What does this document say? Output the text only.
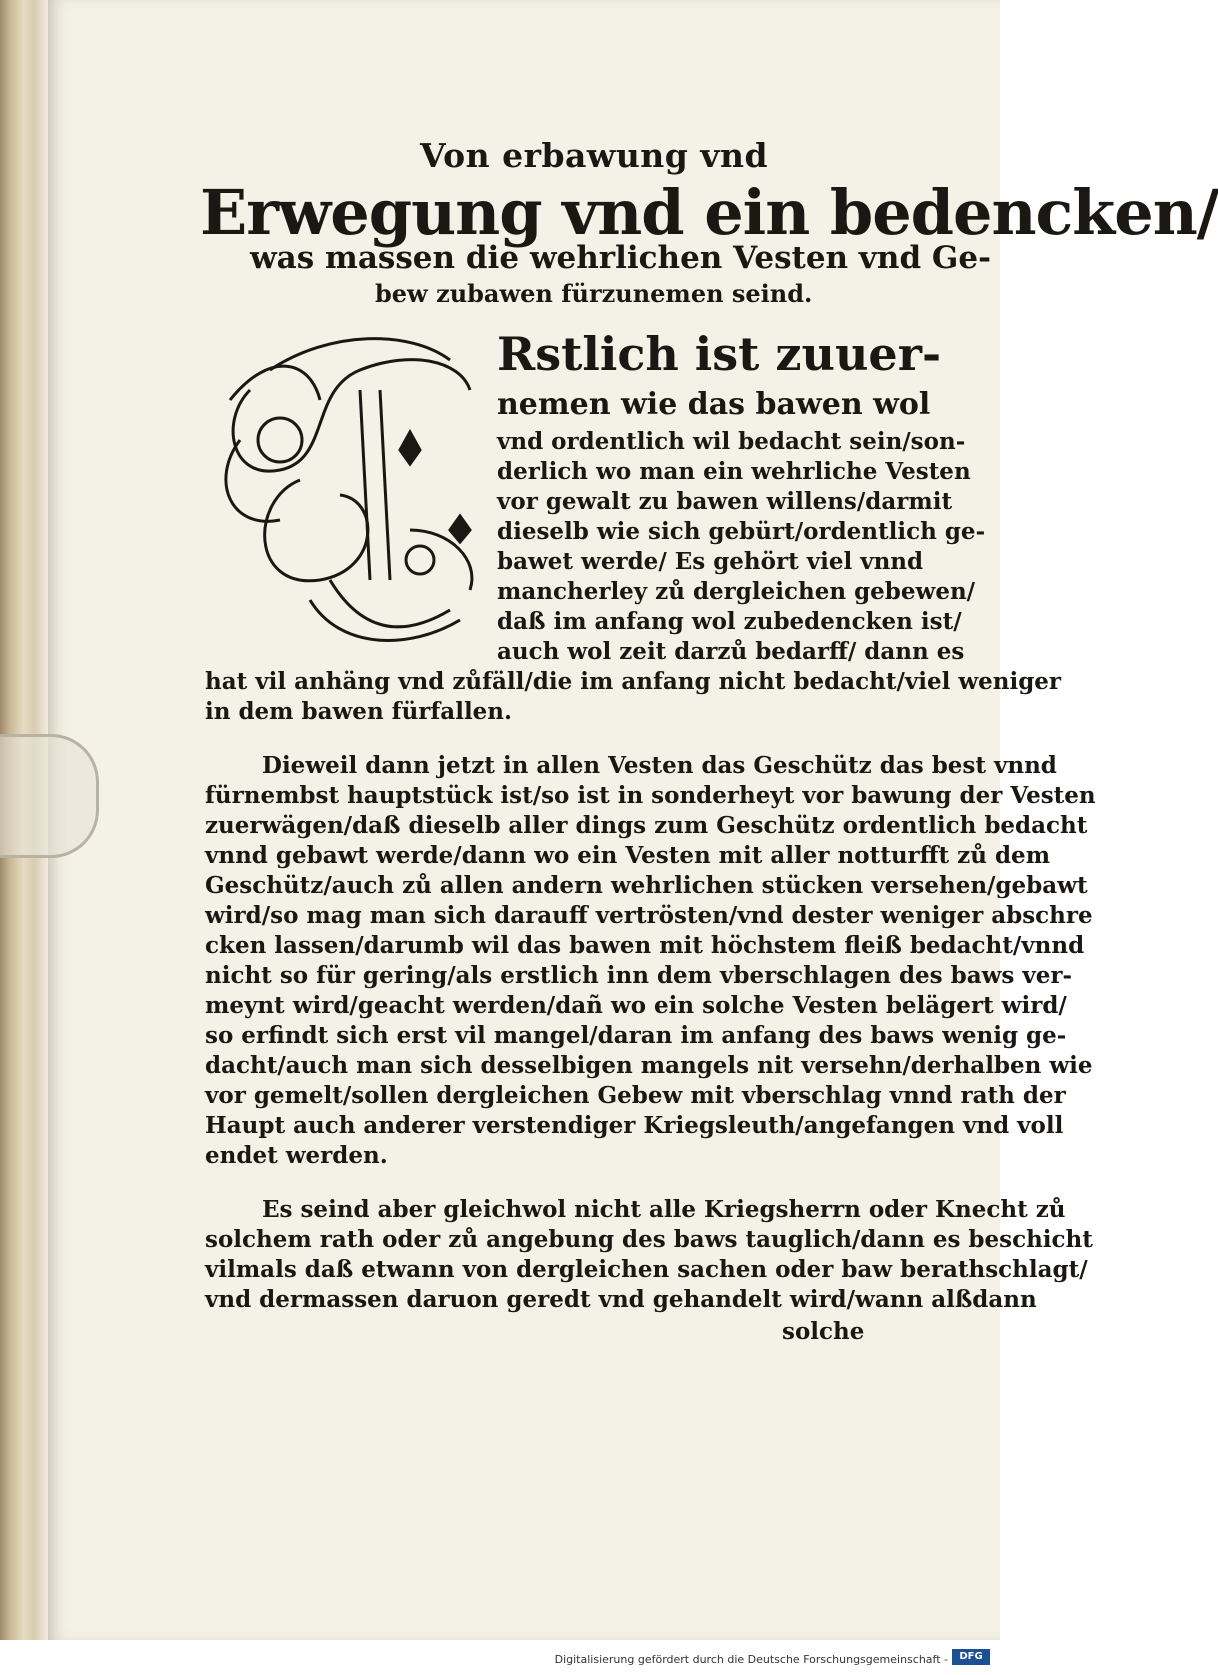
Von erbawung vnd
Erwegung vnd ein bedencken/
was massen die wehrlichen Vesten vnd Ge-
bew zubawen fürzunemen seind.
Rstlich ist zuuer-
nemen wie das bawen wol
vnd ordentlich wil bedacht sein/son-
derlich wo man ein wehrliche Vesten
vor gewalt zu bawen willens/darmit
dieselb wie sich gebürt/ordentlich ge-
bawet werde/ Es gehört viel vnnd
mancherley zů dergleichen gebewen/
daß im anfang wol zubedencken ist/
auch wol zeit darzů bedarff/ dann es
hat vil anhäng vnd zůfäll/die im anfang nicht bedacht/viel weniger
in dem bawen fürfallen.
Dieweil dann jetzt in allen Vesten das Geschütz das best vnnd
fürnembst hauptstück ist/so ist in sonderheyt vor bawung der Vesten
zuerwägen/daß dieselb aller dings zum Geschütz ordentlich bedacht
vnnd gebawt werde/dann wo ein Vesten mit aller notturfft zů dem
Geschütz/auch zů allen andern wehrlichen stücken versehen/gebawt
wird/so mag man sich darauff vertrösten/vnd dester weniger abschre
cken lassen/darumb wil das bawen mit höchstem fleiß bedacht/vnnd
nicht so für gering/als erstlich inn dem vberschlagen des baws ver-
meynt wird/geacht werden/dañ wo ein solche Vesten belägert wird/
so erfindt sich erst vil mangel/daran im anfang des baws wenig ge-
dacht/auch man sich desselbigen mangels nit versehn/derhalben wie
vor gemelt/sollen dergleichen Gebew mit vberschlag vnnd rath der
Haupt auch anderer verstendiger Kriegsleuth/angefangen vnd voll
endet werden.
Es seind aber gleichwol nicht alle Kriegsherrn oder Knecht zů
solchem rath oder zů angebung des baws tauglich/dann es beschicht
vilmals daß etwann von dergleichen sachen oder baw berathschlagt/
vnd dermassen daruon geredt vnd gehandelt wird/wann alßdann
solche
Digitalisierung gefördert durch die Deutsche Forschungsgemeinschaft -	DFG
